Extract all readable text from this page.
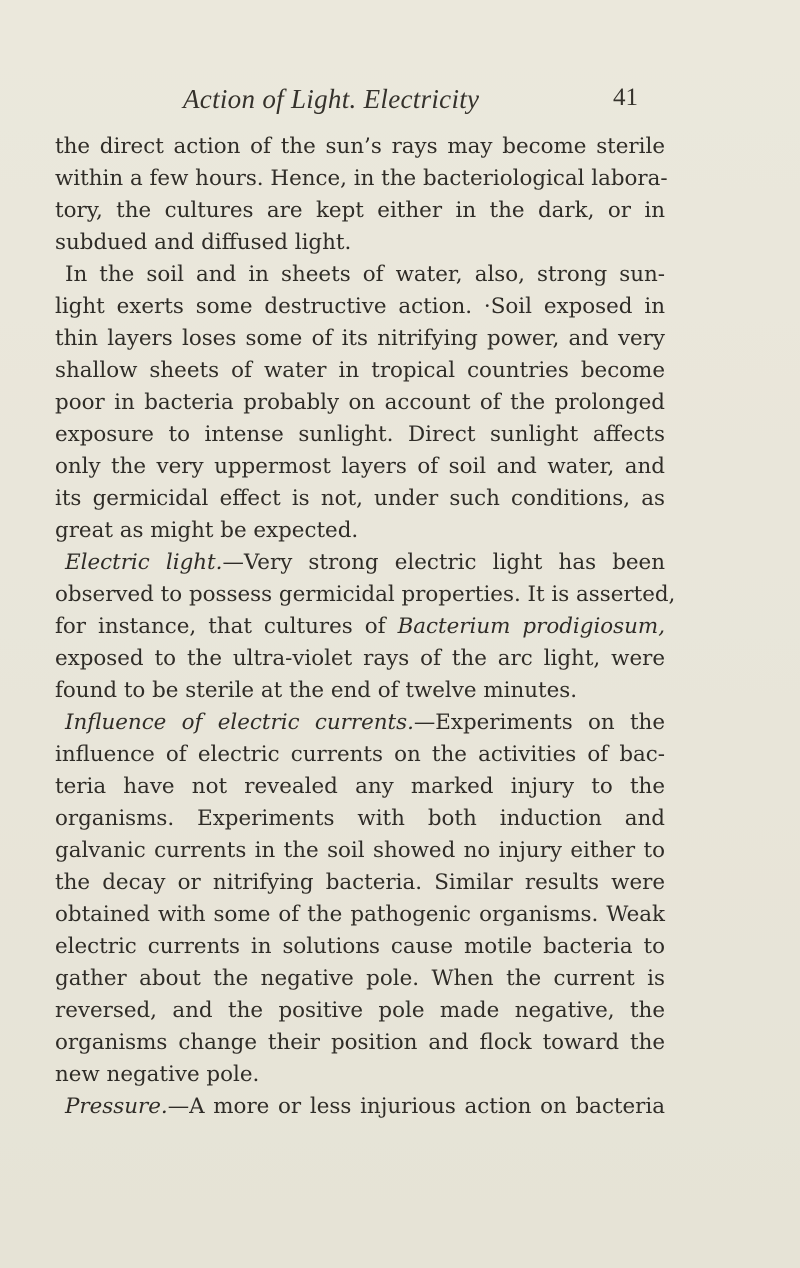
Action of Light. Electricity	41
the direct action of the sun’s rays may become sterile
within a few hours. Hence, in the bacteriological labora-
tory, the cultures are kept either in the dark, or in
subdued and diffused light.
In the soil and in sheets of water, also, strong sun-
light exerts some destructive action. ·Soil exposed in
thin layers loses some of its nitrifying power, and very
shallow sheets of water in tropical countries become
poor in bacteria probably on account of the prolonged
exposure to intense sunlight. Direct sunlight affects
only the very uppermost layers of soil and water, and
its germicidal effect is not, under such conditions, as
great as might be expected.
Electric light.—Very strong electric light has been
observed to possess germicidal properties. It is asserted,
for instance, that cultures of Bacterium prodigiosum,
exposed to the ultra-violet rays of the arc light, were
found to be sterile at the end of twelve minutes.
Influence of electric currents.—Experiments on the
influence of electric currents on the activities of bac-
teria have not revealed any marked injury to the
organisms. Experiments with both induction and
galvanic currents in the soil showed no injury either to
the decay or nitrifying bacteria. Similar results were
obtained with some of the pathogenic organisms. Weak
electric currents in solutions cause motile bacteria to
gather about the negative pole. When the current is
reversed, and the positive pole made negative, the
organisms change their position and flock toward the
new negative pole.
Pressure.—A more or less injurious action on bacteria
